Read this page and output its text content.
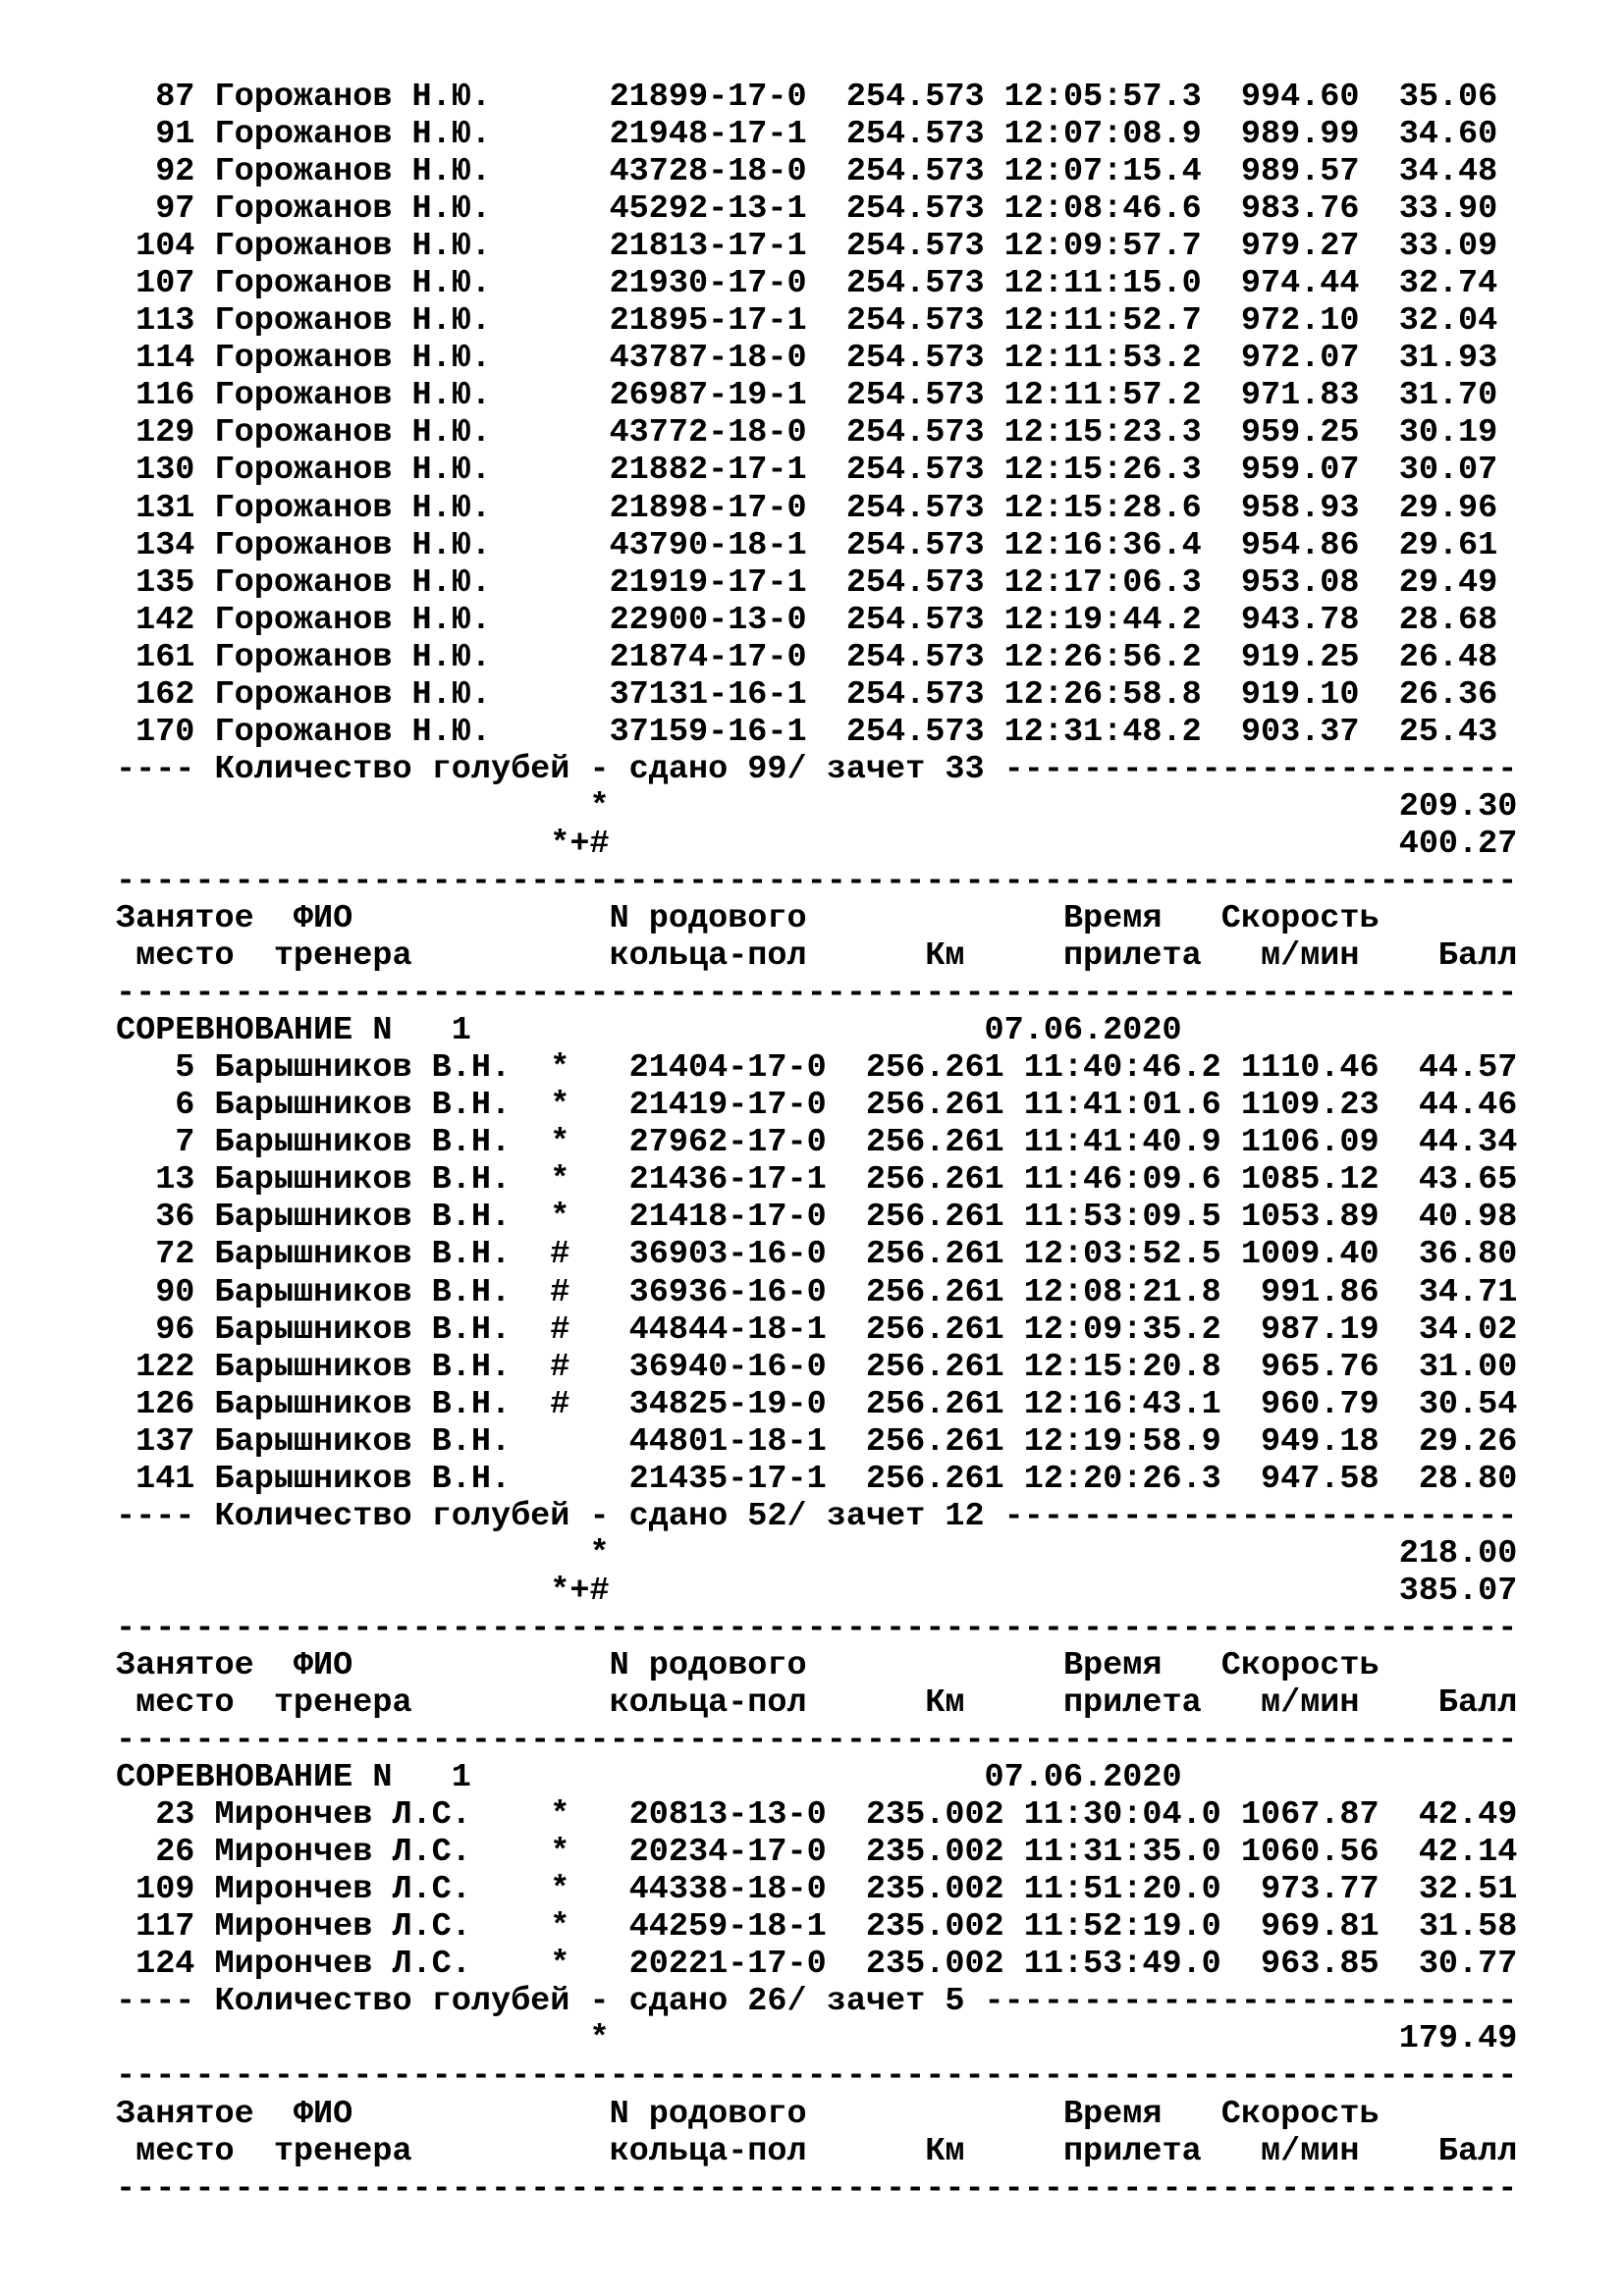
87 Горожанов Н.Ю.      21899-17-0  254.573 12:05:57.3  994.60  35.06
91 Горожанов Н.Ю.      21948-17-1  254.573 12:07:08.9  989.99  34.60
92 Горожанов Н.Ю.      43728-18-0  254.573 12:07:15.4  989.57  34.48
97 Горожанов Н.Ю.      45292-13-1  254.573 12:08:46.6  983.76  33.90
104 Горожанов Н.Ю.      21813-17-1  254.573 12:09:57.7  979.27  33.09
107 Горожанов Н.Ю.      21930-17-0  254.573 12:11:15.0  974.44  32.74
113 Горожанов Н.Ю.      21895-17-1  254.573 12:11:52.7  972.10  32.04
114 Горожанов Н.Ю.      43787-18-0  254.573 12:11:53.2  972.07  31.93
116 Горожанов Н.Ю.      26987-19-1  254.573 12:11:57.2  971.83  31.70
129 Горожанов Н.Ю.      43772-18-0  254.573 12:15:23.3  959.25  30.19
130 Горожанов Н.Ю.      21882-17-1  254.573 12:15:26.3  959.07  30.07
131 Горожанов Н.Ю.      21898-17-0  254.573 12:15:28.6  958.93  29.96
134 Горожанов Н.Ю.      43790-18-1  254.573 12:16:36.4  954.86  29.61
135 Горожанов Н.Ю.      21919-17-1  254.573 12:17:06.3  953.08  29.49
142 Горожанов Н.Ю.      22900-13-0  254.573 12:19:44.2  943.78  28.68
161 Горожанов Н.Ю.      21874-17-0  254.573 12:26:56.2  919.25  26.48
162 Горожанов Н.Ю.      37131-16-1  254.573 12:26:58.8  919.10  26.36
170 Горожанов Н.Ю.      37159-16-1  254.573 12:31:48.2  903.37  25.43
---- Количество голубей - сдано 99/ зачет 33 --------------------------
*                                        209.30
*+#                                        400.27
-----------------------------------------------------------------------
Занятое  ФИО             N родового             Время   Скорость
место  тренера          кольца-пол      Км     прилета   м/мин    Балл
-----------------------------------------------------------------------
СОРЕВНОВАНИЕ N   1                          07.06.2020
5 Барышников В.Н.  *   21404-17-0  256.261 11:40:46.2 1110.46  44.57
6 Барышников В.Н.  *   21419-17-0  256.261 11:41:01.6 1109.23  44.46
7 Барышников В.Н.  *   27962-17-0  256.261 11:41:40.9 1106.09  44.34
13 Барышников В.Н.  *   21436-17-1  256.261 11:46:09.6 1085.12  43.65
36 Барышников В.Н.  *   21418-17-0  256.261 11:53:09.5 1053.89  40.98
72 Барышников В.Н.  #   36903-16-0  256.261 12:03:52.5 1009.40  36.80
90 Барышников В.Н.  #   36936-16-0  256.261 12:08:21.8  991.86  34.71
96 Барышников В.Н.  #   44844-18-1  256.261 12:09:35.2  987.19  34.02
122 Барышников В.Н.  #   36940-16-0  256.261 12:15:20.8  965.76  31.00
126 Барышников В.Н.  #   34825-19-0  256.261 12:16:43.1  960.79  30.54
137 Барышников В.Н.      44801-18-1  256.261 12:19:58.9  949.18  29.26
141 Барышников В.Н.      21435-17-1  256.261 12:20:26.3  947.58  28.80
---- Количество голубей - сдано 52/ зачет 12 --------------------------
*                                        218.00
*+#                                        385.07
-----------------------------------------------------------------------
Занятое  ФИО             N родового             Время   Скорость
место  тренера          кольца-пол      Км     прилета   м/мин    Балл
-----------------------------------------------------------------------
СОРЕВНОВАНИЕ N   1                          07.06.2020
23 Мирончев Л.С.    *   20813-13-0  235.002 11:30:04.0 1067.87  42.49
26 Мирончев Л.С.    *   20234-17-0  235.002 11:31:35.0 1060.56  42.14
109 Мирончев Л.С.    *   44338-18-0  235.002 11:51:20.0  973.77  32.51
117 Мирончев Л.С.    *   44259-18-1  235.002 11:52:19.0  969.81  31.58
124 Мирончев Л.С.    *   20221-17-0  235.002 11:53:49.0  963.85  30.77
---- Количество голубей - сдано 26/ зачет 5 ---------------------------
*                                        179.49
-----------------------------------------------------------------------
Занятое  ФИО             N родового             Время   Скорость
место  тренера          кольца-пол      Км     прилета   м/мин    Балл
-----------------------------------------------------------------------
